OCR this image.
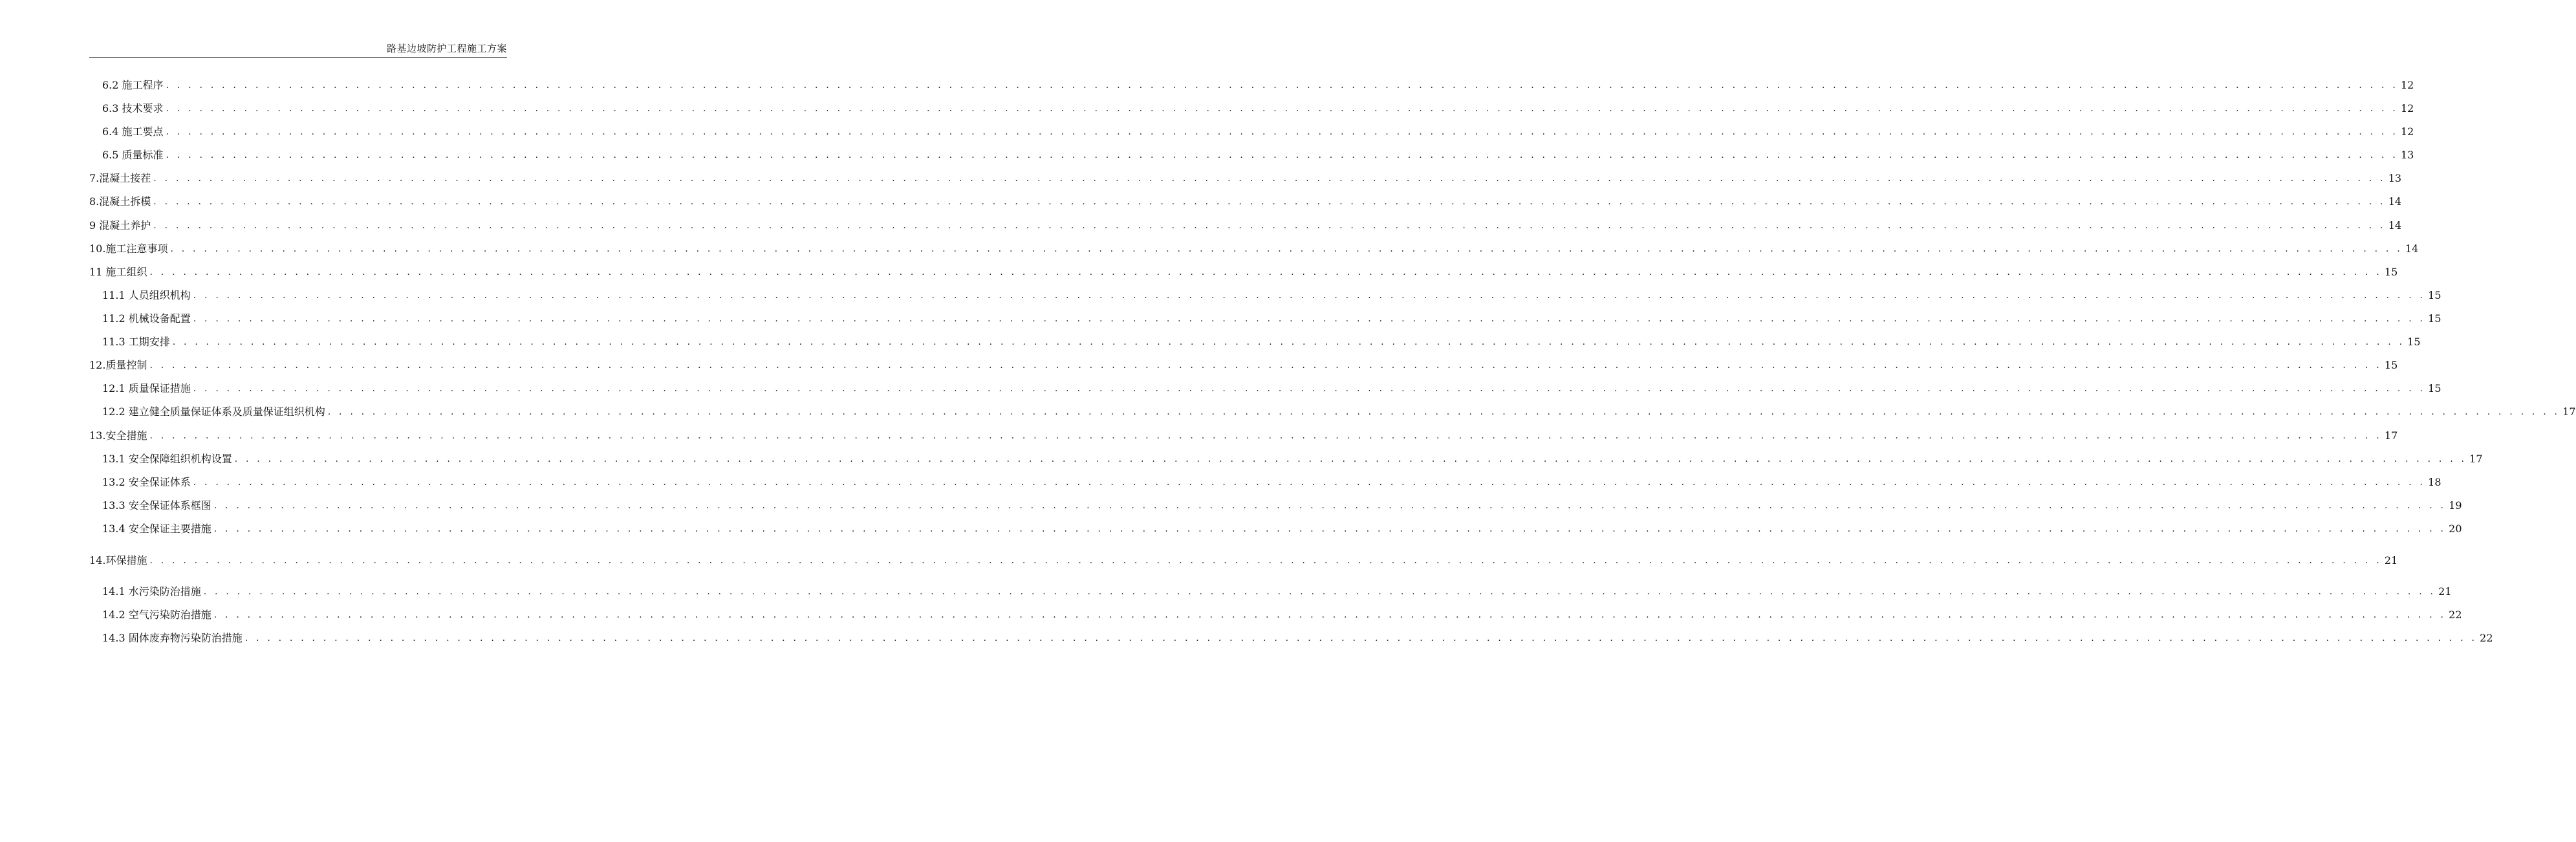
路基边坡防护工程施工方案
6.2 施工程序 . . . . . . . . . . . . . . . . . . . . . . . . . . . . . . . . . . . . . . . . . . . . . . . . . . . . . . . . . . . . . . . . . . . . . . . . . . . . . . . . . . . . . . . . . . . . . . . . . . . . . . . . . . . . . . . . . . . . . . . . . . . . . . . . . . . . . . . . . . . . . . . . . . . . . . . . . . . . . . . . . . . . . . . . . . . . . . . . . . . . . . . . . . . . . . . . . . . . . . . . 12
6.3 技术要求 . . . . . . . . . . . . . . . . . . . . . . . . . . . . . . . . . . . . . . . . . . . . . . . . . . . . . . . . . . . . . . . . . . . . . . . . . . . . . . . . . . . . . . . . . . . . . . . . . . . . . . . . . . . . . . . . . . . . . . . . . . . . . . . . . . . . . . . . . . . . . . . . . . . . . . . . . . . . . . . . . . . . . . . . . . . . . . . . . . . . . . . . . . . . . . . . . . . . . . . . 12
6.4 施工要点 . . . . . . . . . . . . . . . . . . . . . . . . . . . . . . . . . . . . . . . . . . . . . . . . . . . . . . . . . . . . . . . . . . . . . . . . . . . . . . . . . . . . . . . . . . . . . . . . . . . . . . . . . . . . . . . . . . . . . . . . . . . . . . . . . . . . . . . . . . . . . . . . . . . . . . . . . . . . . . . . . . . . . . . . . . . . . . . . . . . . . . . . . . . . . . . . . . . . . . . . 12
6.5 质量标准 . . . . . . . . . . . . . . . . . . . . . . . . . . . . . . . . . . . . . . . . . . . . . . . . . . . . . . . . . . . . . . . . . . . . . . . . . . . . . . . . . . . . . . . . . . . . . . . . . . . . . . . . . . . . . . . . . . . . . . . . . . . . . . . . . . . . . . . . . . . . . . . . . . . . . . . . . . . . . . . . . . . . . . . . . . . . . . . . . . . . . . . . . . . . . . . . . . . . . . . . 13
7.混凝土接茬 . . . . . . . . . . . . . . . . . . . . . . . . . . . . . . . . . . . . . . . . . . . . . . . . . . . . . . . . . . . . . . . . . . . . . . . . . . . . . . . . . . . . . . . . . . . . . . . . . . . . . . . . . . . . . . . . . . . . . . . . . . . . . . . . . . . . . . . . . . . . . . . . . . . . . . . . . . . . . . . . . . . . . . . . . . . . . . . . . . . . . . . . . . . . . . . . . . . . . . . . 13
8.混凝土拆模 . . . . . . . . . . . . . . . . . . . . . . . . . . . . . . . . . . . . . . . . . . . . . . . . . . . . . . . . . . . . . . . . . . . . . . . . . . . . . . . . . . . . . . . . . . . . . . . . . . . . . . . . . . . . . . . . . . . . . . . . . . . . . . . . . . . . . . . . . . . . . . . . . . . . . . . . . . . . . . . . . . . . . . . . . . . . . . . . . . . . . . . . . . . . . . . . . . . . . . . . 14
9 混凝土养护 . . . . . . . . . . . . . . . . . . . . . . . . . . . . . . . . . . . . . . . . . . . . . . . . . . . . . . . . . . . . . . . . . . . . . . . . . . . . . . . . . . . . . . . . . . . . . . . . . . . . . . . . . . . . . . . . . . . . . . . . . . . . . . . . . . . . . . . . . . . . . . . . . . . . . . . . . . . . . . . . . . . . . . . . . . . . . . . . . . . . . . . . . . . . . . . . . . . . . . . . 14
10.施工注意事项 . . . . . . . . . . . . . . . . . . . . . . . . . . . . . . . . . . . . . . . . . . . . . . . . . . . . . . . . . . . . . . . . . . . . . . . . . . . . . . . . . . . . . . . . . . . . . . . . . . . . . . . . . . . . . . . . . . . . . . . . . . . . . . . . . . . . . . . . . . . . . . . . . . . . . . . . . . . . . . . . . . . . . . . . . . . . . . . . . . . . . . . . . . . . . . . . . . . . . . . . 14
11 施工组织 . . . . . . . . . . . . . . . . . . . . . . . . . . . . . . . . . . . . . . . . . . . . . . . . . . . . . . . . . . . . . . . . . . . . . . . . . . . . . . . . . . . . . . . . . . . . . . . . . . . . . . . . . . . . . . . . . . . . . . . . . . . . . . . . . . . . . . . . . . . . . . . . . . . . . . . . . . . . . . . . . . . . . . . . . . . . . . . . . . . . . . . . . . . . . . . . . . . . . . . . 15
11.1 人员组织机构 . . . . . . . . . . . . . . . . . . . . . . . . . . . . . . . . . . . . . . . . . . . . . . . . . . . . . . . . . . . . . . . . . . . . . . . . . . . . . . . . . . . . . . . . . . . . . . . . . . . . . . . . . . . . . . . . . . . . . . . . . . . . . . . . . . . . . . . . . . . . . . . . . . . . . . . . . . . . . . . . . . . . . . . . . . . . . . . . . . . . . . . . . . . . . . . . . . . . . . . . 15
11.2 机械设备配置 . . . . . . . . . . . . . . . . . . . . . . . . . . . . . . . . . . . . . . . . . . . . . . . . . . . . . . . . . . . . . . . . . . . . . . . . . . . . . . . . . . . . . . . . . . . . . . . . . . . . . . . . . . . . . . . . . . . . . . . . . . . . . . . . . . . . . . . . . . . . . . . . . . . . . . . . . . . . . . . . . . . . . . . . . . . . . . . . . . . . . . . . . . . . . . . . . . . . . . . . 15
11.3 工期安排 . . . . . . . . . . . . . . . . . . . . . . . . . . . . . . . . . . . . . . . . . . . . . . . . . . . . . . . . . . . . . . . . . . . . . . . . . . . . . . . . . . . . . . . . . . . . . . . . . . . . . . . . . . . . . . . . . . . . . . . . . . . . . . . . . . . . . . . . . . . . . . . . . . . . . . . . . . . . . . . . . . . . . . . . . . . . . . . . . . . . . . . . . . . . . . . . . . . . . . . . 15
12.质量控制 . . . . . . . . . . . . . . . . . . . . . . . . . . . . . . . . . . . . . . . . . . . . . . . . . . . . . . . . . . . . . . . . . . . . . . . . . . . . . . . . . . . . . . . . . . . . . . . . . . . . . . . . . . . . . . . . . . . . . . . . . . . . . . . . . . . . . . . . . . . . . . . . . . . . . . . . . . . . . . . . . . . . . . . . . . . . . . . . . . . . . . . . . . . . . . . . . . . . . . . . 15
12.1 质量保证措施 . . . . . . . . . . . . . . . . . . . . . . . . . . . . . . . . . . . . . . . . . . . . . . . . . . . . . . . . . . . . . . . . . . . . . . . . . . . . . . . . . . . . . . . . . . . . . . . . . . . . . . . . . . . . . . . . . . . . . . . . . . . . . . . . . . . . . . . . . . . . . . . . . . . . . . . . . . . . . . . . . . . . . . . . . . . . . . . . . . . . . . . . . . . . . . . . . . . . . . . . 15
12.2 建立健全质量保证体系及质量保证组织机构 . . . . . . . . . . . . . . . . . . . . . . . . . . . . . . . . . . . . . . . . . . . . . . . . . . . . . . . . . . . . . . . . . . . . . . . . . . . . . . . . . . . . . . . . . . . . . . . . . . . . . . . . . . . . . . . . . . . . . . . . . . . . . . . . . . . . . . . . . . . . . . . . . . . . . . . . . . . . . . . . . . . . . . . . . . . . . . . . . . . . . . . . . . . . . . . . . . . . . . . . 17
13.安全措施 . . . . . . . . . . . . . . . . . . . . . . . . . . . . . . . . . . . . . . . . . . . . . . . . . . . . . . . . . . . . . . . . . . . . . . . . . . . . . . . . . . . . . . . . . . . . . . . . . . . . . . . . . . . . . . . . . . . . . . . . . . . . . . . . . . . . . . . . . . . . . . . . . . . . . . . . . . . . . . . . . . . . . . . . . . . . . . . . . . . . . . . . . . . . . . . . . . . . . . . . 17
13.1 安全保障组织机构设置 . . . . . . . . . . . . . . . . . . . . . . . . . . . . . . . . . . . . . . . . . . . . . . . . . . . . . . . . . . . . . . . . . . . . . . . . . . . . . . . . . . . . . . . . . . . . . . . . . . . . . . . . . . . . . . . . . . . . . . . . . . . . . . . . . . . . . . . . . . . . . . . . . . . . . . . . . . . . . . . . . . . . . . . . . . . . . . . . . . . . . . . . . . . . . . . . . . . . . . . . 17
13.2 安全保证体系 . . . . . . . . . . . . . . . . . . . . . . . . . . . . . . . . . . . . . . . . . . . . . . . . . . . . . . . . . . . . . . . . . . . . . . . . . . . . . . . . . . . . . . . . . . . . . . . . . . . . . . . . . . . . . . . . . . . . . . . . . . . . . . . . . . . . . . . . . . . . . . . . . . . . . . . . . . . . . . . . . . . . . . . . . . . . . . . . . . . . . . . . . . . . . . . . . . . . . . . . 18
13.3 安全保证体系框图 . . . . . . . . . . . . . . . . . . . . . . . . . . . . . . . . . . . . . . . . . . . . . . . . . . . . . . . . . . . . . . . . . . . . . . . . . . . . . . . . . . . . . . . . . . . . . . . . . . . . . . . . . . . . . . . . . . . . . . . . . . . . . . . . . . . . . . . . . . . . . . . . . . . . . . . . . . . . . . . . . . . . . . . . . . . . . . . . . . . . . . . . . . . . . . . . . . . . . . . . 19
13.4 安全保证主要措施 . . . . . . . . . . . . . . . . . . . . . . . . . . . . . . . . . . . . . . . . . . . . . . . . . . . . . . . . . . . . . . . . . . . . . . . . . . . . . . . . . . . . . . . . . . . . . . . . . . . . . . . . . . . . . . . . . . . . . . . . . . . . . . . . . . . . . . . . . . . . . . . . . . . . . . . . . . . . . . . . . . . . . . . . . . . . . . . . . . . . . . . . . . . . . . . . . . . . . . . . 20
14.环保措施 . . . . . . . . . . . . . . . . . . . . . . . . . . . . . . . . . . . . . . . . . . . . . . . . . . . . . . . . . . . . . . . . . . . . . . . . . . . . . . . . . . . . . . . . . . . . . . . . . . . . . . . . . . . . . . . . . . . . . . . . . . . . . . . . . . . . . . . . . . . . . . . . . . . . . . . . . . . . . . . . . . . . . . . . . . . . . . . . . . . . . . . . . . . . . . . . . . . . . . . . 21
14.1 水污染防治措施 . . . . . . . . . . . . . . . . . . . . . . . . . . . . . . . . . . . . . . . . . . . . . . . . . . . . . . . . . . . . . . . . . . . . . . . . . . . . . . . . . . . . . . . . . . . . . . . . . . . . . . . . . . . . . . . . . . . . . . . . . . . . . . . . . . . . . . . . . . . . . . . . . . . . . . . . . . . . . . . . . . . . . . . . . . . . . . . . . . . . . . . . . . . . . . . . . . . . . . . . 21
14.2 空气污染防治措施 . . . . . . . . . . . . . . . . . . . . . . . . . . . . . . . . . . . . . . . . . . . . . . . . . . . . . . . . . . . . . . . . . . . . . . . . . . . . . . . . . . . . . . . . . . . . . . . . . . . . . . . . . . . . . . . . . . . . . . . . . . . . . . . . . . . . . . . . . . . . . . . . . . . . . . . . . . . . . . . . . . . . . . . . . . . . . . . . . . . . . . . . . . . . . . . . . . . . . . . . 22
14.3 固体废弃物污染防治措施 . . . . . . . . . . . . . . . . . . . . . . . . . . . . . . . . . . . . . . . . . . . . . . . . . . . . . . . . . . . . . . . . . . . . . . . . . . . . . . . . . . . . . . . . . . . . . . . . . . . . . . . . . . . . . . . . . . . . . . . . . . . . . . . . . . . . . . . . . . . . . . . . . . . . . . . . . . . . . . . . . . . . . . . . . . . . . . . . . . . . . . . . . . . . . . . . . . . . . . . . 22
